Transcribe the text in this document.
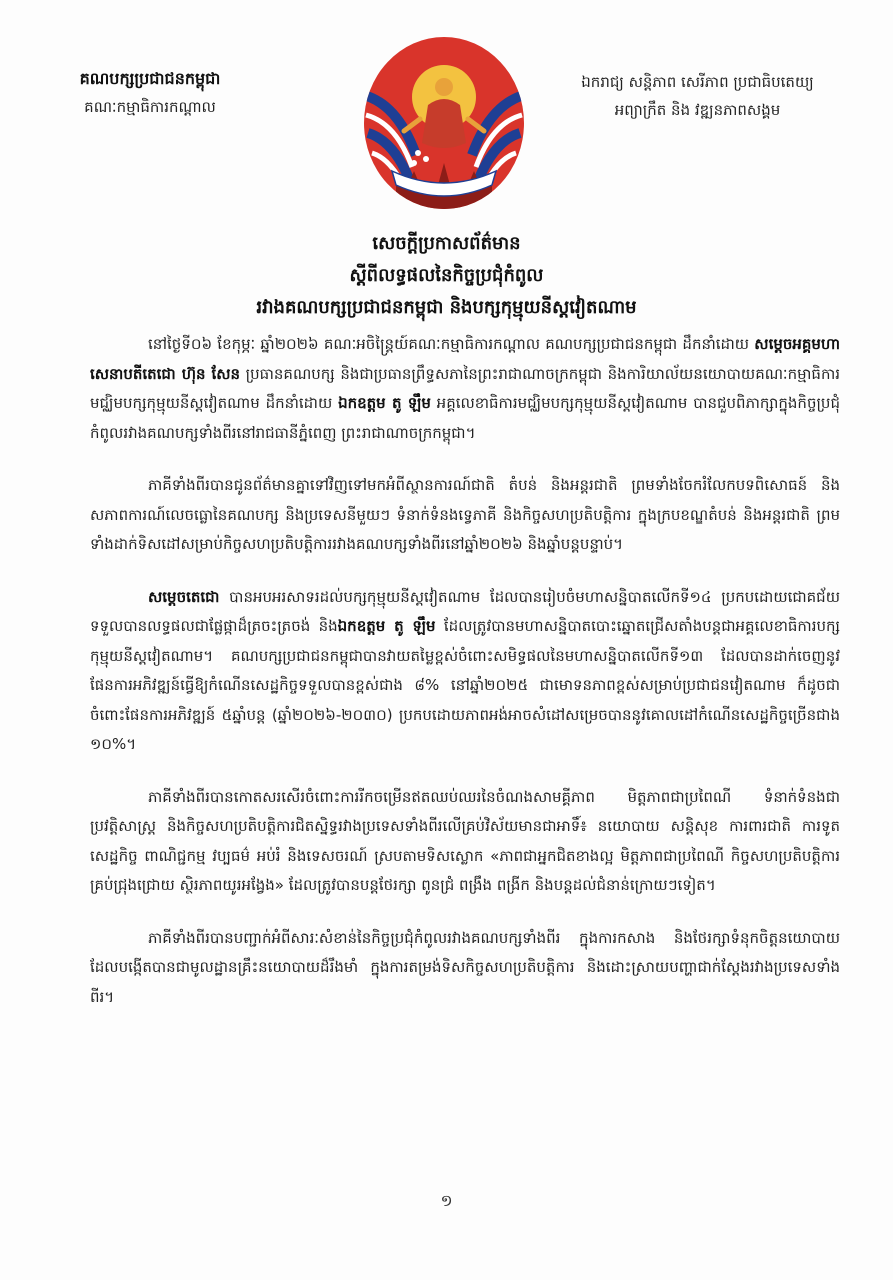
គណបក្សប្រជាជនកម្ពុជា
គណៈកម្មាធិការកណ្តាល
ឯករាជ្យ សន្តិភាព សេរីភាព ប្រជាធិបតេយ្យ
អព្យាក្រឹត និង វឌ្ឍនភាពសង្គម
សេចក្តីប្រកាសព័ត៌មាន
ស្តីពីលទ្ធផលនៃកិច្ចប្រជុំកំពូល
រវាងគណបក្សប្រជាជនកម្ពុជា និងបក្សកុម្មុយនីស្តវៀតណាម

នៅថ្ងៃទី០៦ ខែកុម្ភៈ ឆ្នាំ២០២៦ គណៈអចិន្ត្រៃយ៍គណៈកម្មាធិការកណ្តាល គណបក្សប្រជាជនកម្ពុជា ដឹកនាំដោយ សម្តេចអគ្គមហាសេនាបតីតេជោ ហ៊ុន សែន ប្រធានគណបក្ស និងជាប្រធានព្រឹទ្ធសភានៃព្រះរាជាណាចក្រកម្ពុជា និងការិយាល័យនយោបាយគណៈកម្មាធិការមជ្ឈិមបក្សកុម្មុយនីស្តវៀតណាម ដឹកនាំដោយ ឯកឧត្តម តូ ឡឹម អគ្គលេខាធិការមជ្ឈិមបក្សកុម្មុយនីស្តវៀតណាម បានជួបពិភាក្សាក្នុងកិច្ចប្រជុំកំពូលរវាងគណបក្សទាំងពីរនៅរាជធានីភ្នំពេញ ព្រះរាជាណាចក្រកម្ពុជា។

ភាគីទាំងពីរបានជូនព័ត៌មានគ្នាទៅវិញទៅមកអំពីស្ថានការណ៍ជាតិ តំបន់ និងអន្តរជាតិ ព្រមទាំងចែករំលែកបទពិសោធន៍ និងសភាពការណ៍លេចធ្លោនៃគណបក្ស និងប្រទេសនីមួយៗ ទំនាក់ទំនងទ្វេភាគី និងកិច្ចសហប្រតិបត្តិការ ក្នុងក្របខណ្ឌតំបន់ និងអន្តរជាតិ ព្រមទាំងដាក់ទិសដៅសម្រាប់កិច្ចសហប្រតិបត្តិការរវាងគណបក្សទាំងពីរនៅឆ្នាំ២០២៦ និងឆ្នាំបន្តបន្ទាប់។

សម្តេចតេជោ បានអបអរសាទរដល់បក្សកុម្មុយនីស្តវៀតណាម ដែលបានរៀបចំមហាសន្និបាតលើកទី១៤ ប្រកបដោយជោគជ័យទទួលបានលទ្ធផលជាផ្លែផ្កាដ៏ត្រចះត្រចង់ និងឯកឧត្តម តូ ឡឹម ដែលត្រូវបានមហាសន្និបាតបោះឆ្នោតជ្រើសតាំងបន្តជាអគ្គលេខាធិការបក្សកុម្មុយនីស្តវៀតណាម។ គណបក្សប្រជាជនកម្ពុជាបានវាយតម្លៃខ្ពស់ចំពោះសមិទ្ធផលនៃមហាសន្និបាតលើកទី១៣ ដែលបានដាក់ចេញនូវផែនការអភិវឌ្ឍន៍ធ្វើឱ្យកំណើនសេដ្ឋកិច្ចទទួលបានខ្ពស់ជាង ៨% នៅឆ្នាំ២០២៥ ជាមោទនភាពខ្ពស់សម្រាប់ប្រជាជនវៀតណាម ក៏ដូចជាចំពោះផែនការអភិវឌ្ឍន៍ ៥ឆ្នាំបន្ត (ឆ្នាំ២០២៦-២០៣០) ប្រកបដោយភាពអង់អាចសំដៅសម្រេចបាននូវគោលដៅកំណើនសេដ្ឋកិច្ចច្រើនជាង ១០%។

ភាគីទាំងពីរបានកោតសរសើរចំពោះការរីកចម្រើនឥតឈប់ឈរនៃចំណងសាមគ្គីភាព មិត្តភាពជាប្រពៃណី ទំនាក់ទំនងជាប្រវត្តិសាស្ត្រ និងកិច្ចសហប្រតិបត្តិការជិតស្និទ្ធរវាងប្រទេសទាំងពីរលើគ្រប់វិស័យមានជាអាទិ៍៖ នយោបាយ សន្តិសុខ ការពារជាតិ ការទូត សេដ្ឋកិច្ច ពាណិជ្ជកម្ម វប្បធម៌ អប់រំ និងទេសចរណ៍ ស្របតាមទិសស្លោក «ភាពជាអ្នកជិតខាងល្អ មិត្តភាពជាប្រពៃណី កិច្ចសហប្រតិបត្តិការគ្រប់ជ្រុងជ្រោយ ស្ថិរភាពយូរអង្វែង» ដែលត្រូវបានបន្តថែរក្សា ពូនជ្រំ ពង្រឹង ពង្រីក និងបន្តដល់ជំនាន់ក្រោយៗទៀត។

ភាគីទាំងពីរបានបញ្ជាក់អំពីសារៈសំខាន់នៃកិច្ចប្រជុំកំពូលរវាងគណបក្សទាំងពីរ ក្នុងការកសាង និងថែរក្សាទំនុកចិត្តនយោបាយ ដែលបង្កើតបានជាមូលដ្ឋានគ្រឹះនយោបាយដ៏រឹងមាំ ក្នុងការតម្រង់ទិសកិច្ចសហប្រតិបត្តិការ និងដោះស្រាយបញ្ហាជាក់ស្តែងរវាងប្រទេសទាំងពីរ។

១
